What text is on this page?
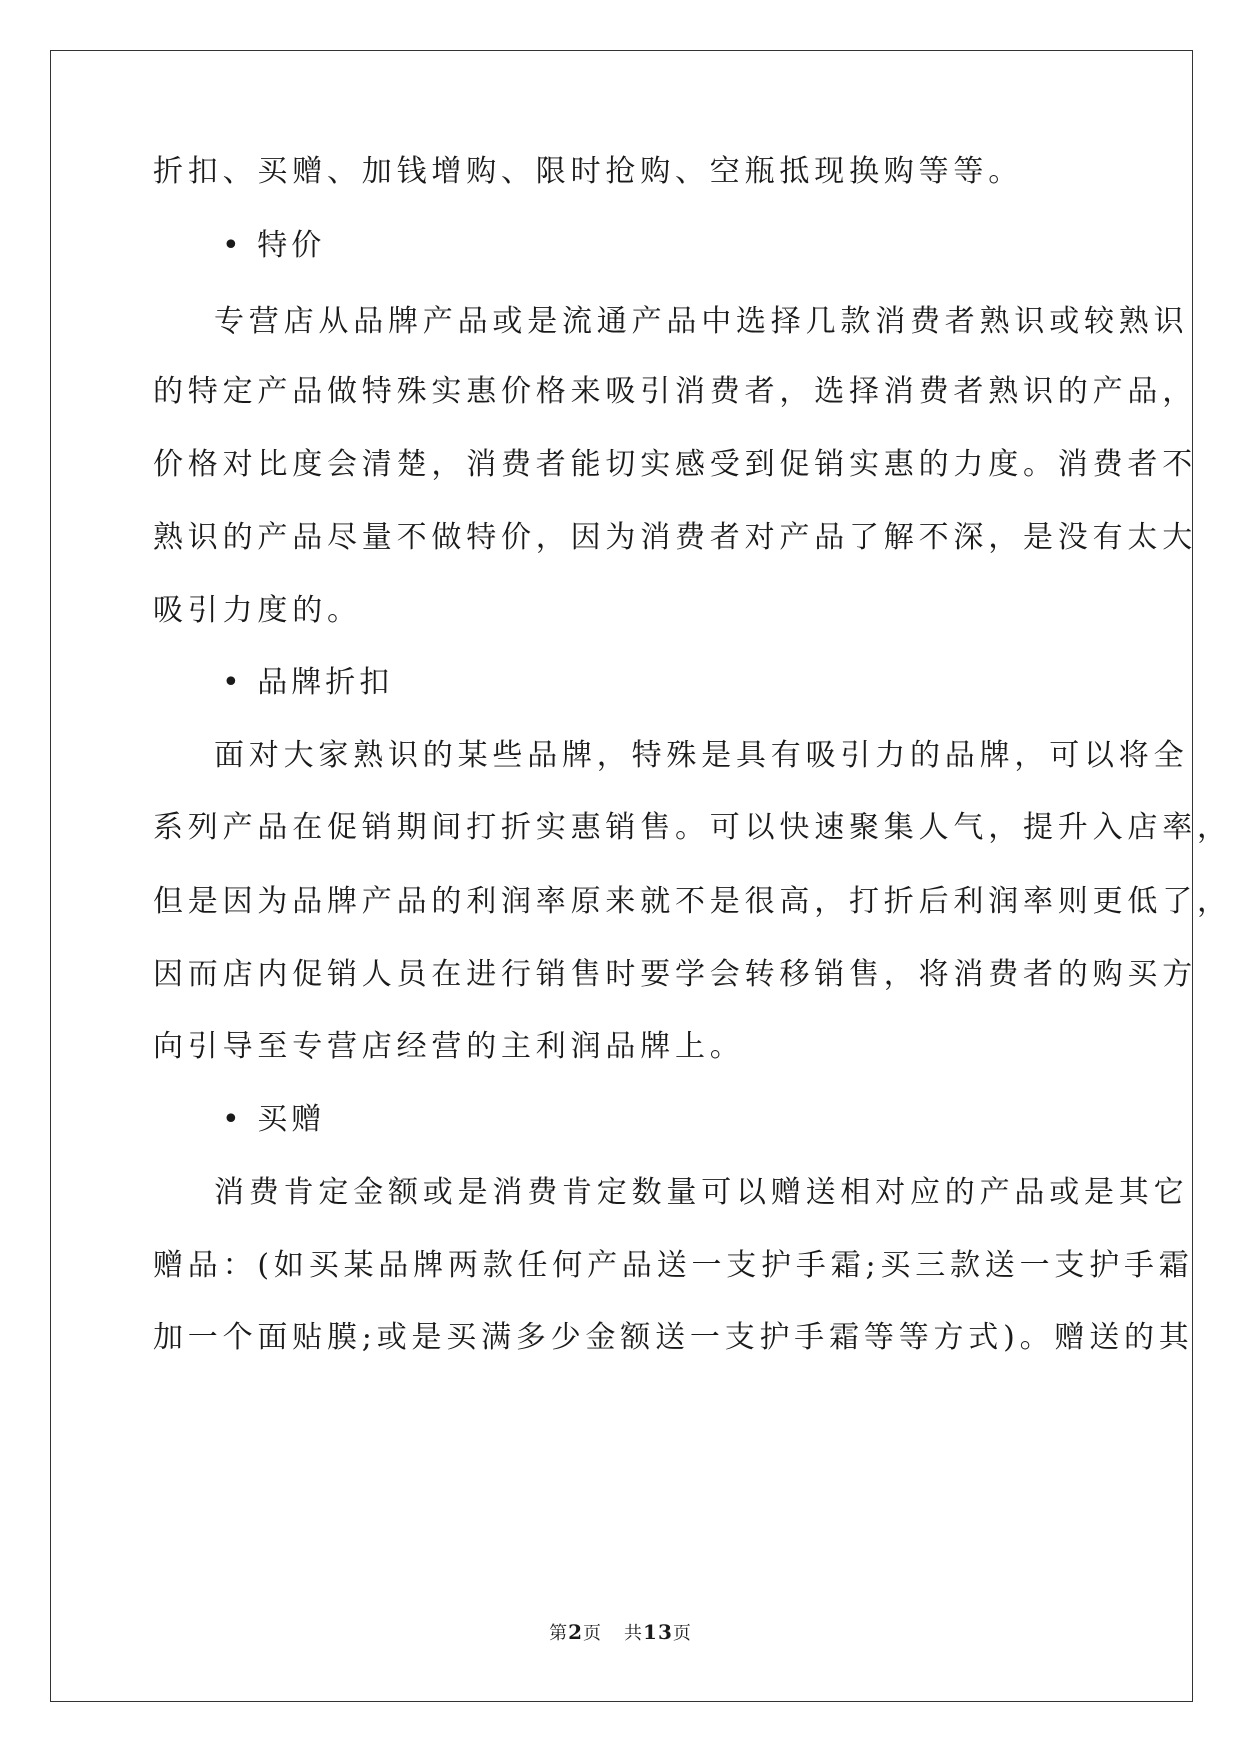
折扣、买赠、加钱增购、限时抢购、空瓶抵现换购等等。
• 特价
专营店从品牌产品或是流通产品中选择几款消费者熟识或较熟识
的特定产品做特殊实惠价格来吸引消费者，选择消费者熟识的产品，
价格对比度会清楚，消费者能切实感受到促销实惠的力度。消费者不
熟识的产品尽量不做特价，因为消费者对产品了解不深，是没有太大
吸引力度的。
• 品牌折扣
面对大家熟识的某些品牌，特殊是具有吸引力的品牌，可以将全
系列产品在促销期间打折实惠销售。可以快速聚集人气，提升入店率，
但是因为品牌产品的利润率原来就不是很高，打折后利润率则更低了，
因而店内促销人员在进行销售时要学会转移销售，将消费者的购买方
向引导至专营店经营的主利润品牌上。
• 买赠
消费肯定金额或是消费肯定数量可以赠送相对应的产品或是其它
赠品：(如买某品牌两款任何产品送一支护手霜;买三款送一支护手霜
加一个面贴膜;或是买满多少金额送一支护手霜等等方式)。赠送的其
第2页 共13页
